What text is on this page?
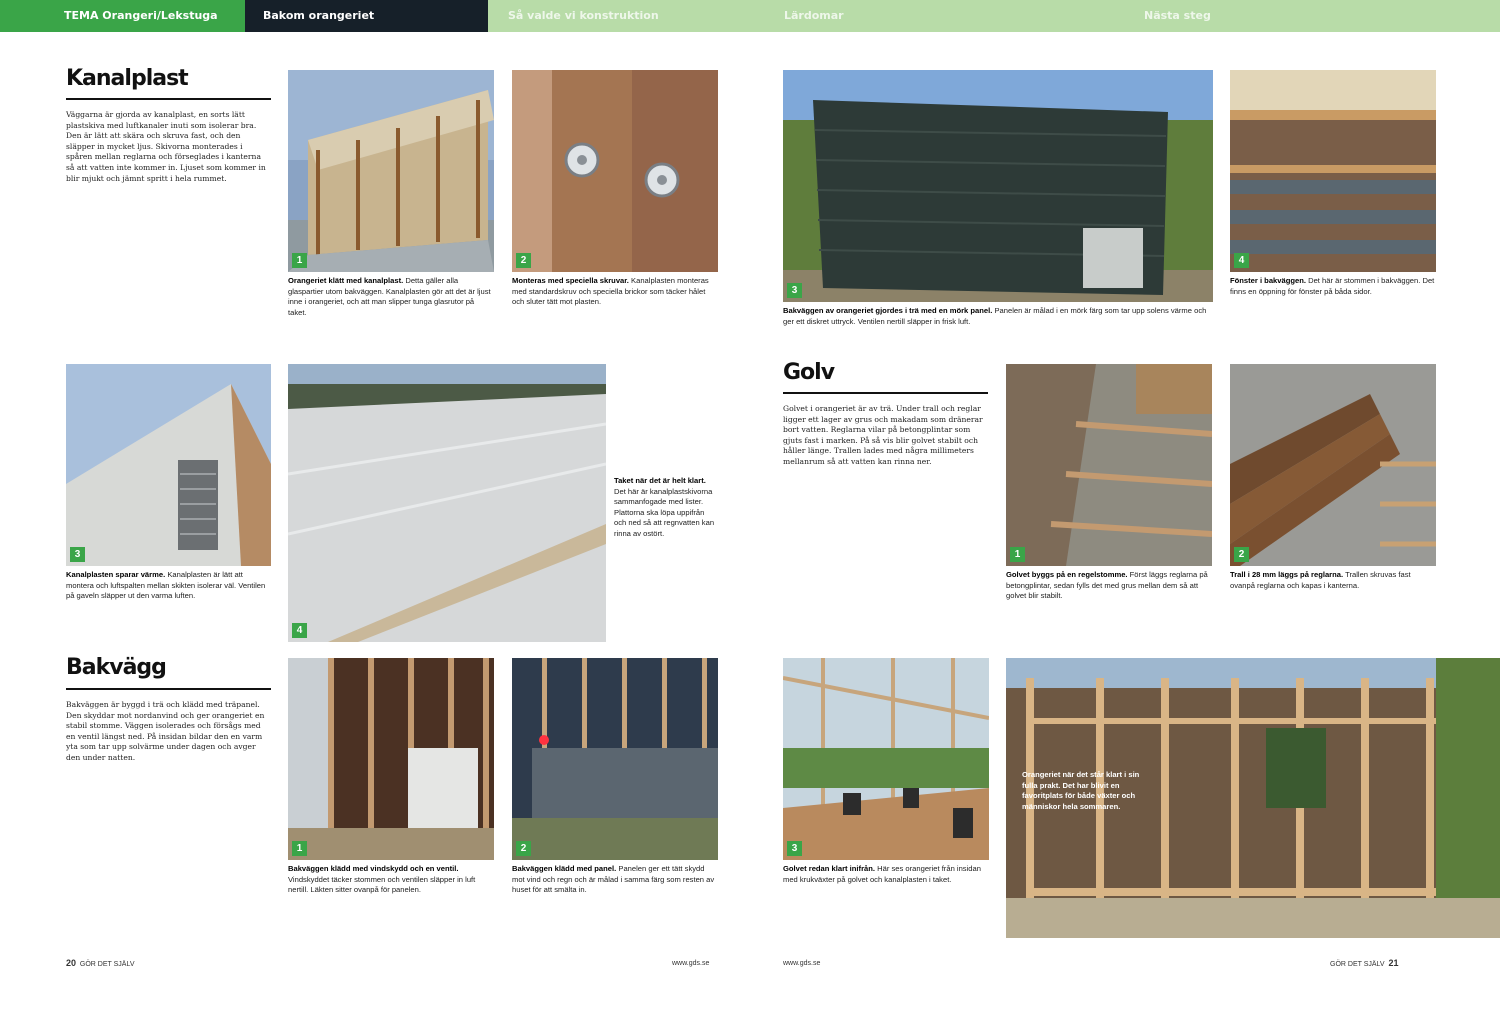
TEMA Orangeri/Lekstuga	Bakom orangeriet	Så valde vi konstruktion	Lärdomar	Nästa steg
Kanalplast
Väggarna är gjorda av kanalplast, en sorts lätt plastskiva med luftkanaler inuti som isolerar bra. Den är lätt att skära och skruva fast, och den släpper in mycket ljus. Skivorna monterades i spåren mellan reglarna och förseglades i kanterna så att vatten inte kommer in. Ljuset som kommer in blir mjukt och jämnt spritt i hela rummet.
1
Orangeriet klätt med kanalplast. Detta gäller alla glaspartier utom bakväggen. Kanalplasten gör att det är ljust inne i orangeriet, och att man slipper tunga glasrutor på taket.
2
Monteras med speciella skruvar. Kanalplasten monteras med standardskruv och speciella brickor som täcker hålet och sluter tätt mot plasten.
3
Kanalplasten sparar värme. Kanalplasten är lätt att montera och luftspalten mellan skikten isolerar väl. Ventilen på gaveln släpper ut den varma luften.
4
Taket när det är helt klart. Det här är kanalplastskivorna sammanfogade med lister. Plattorna ska löpa uppifrån och ned så att regnvatten kan rinna av ostört.
Bakvägg
Bakväggen är byggd i trä och klädd med träpanel. Den skyddar mot nordanvind och ger orangeriet en stabil stomme. Väggen isolerades och försågs med en ventil längst ned. På insidan bildar den en varm yta som tar upp solvärme under dagen och avger den under natten.
1
Bakväggen klädd med vindskydd och en ventil. Vindskyddet täcker stommen och ventilen släpper in luft nertill. Läkten sitter ovanpå för panelen.
2
Bakväggen klädd med panel. Panelen ger ett tätt skydd mot vind och regn och är målad i samma färg som resten av huset för att smälta in.
20 GÖR DET SJÄLV	www.gds.se
3
Bakväggen av orangeriet gjordes i trä med en mörk panel. Panelen är målad i en mörk färg som tar upp solens värme och ger ett diskret uttryck. Ventilen nertill släpper in frisk luft.
4
Fönster i bakväggen. Det här är stommen i bakväggen. Det finns en öppning för fönster på båda sidor.
Golv
Golvet i orangeriet är av trä. Under trall och reglar ligger ett lager av grus och makadam som dränerar bort vatten. Reglarna vilar på betongplintar som gjuts fast i marken. På så vis blir golvet stabilt och håller länge. Trallen lades med några millimeters mellanrum så att vatten kan rinna ner.
1
Golvet byggs på en regelstomme. Först läggs reglarna på betongplintar, sedan fylls det med grus mellan dem så att golvet blir stabilt.
2
Trall i 28 mm läggs på reglarna. Trallen skruvas fast ovanpå reglarna och kapas i kanterna.
3
Golvet redan klart inifrån. Här ses orangeriet från insidan med krukväxter på golvet och kanalplasten i taket.
Orangeriet när det står klart i sin fulla prakt. Det har blivit en favoritplats för både växter och människor hela sommaren.
www.gds.se	GÖR DET SJÄLV 21
